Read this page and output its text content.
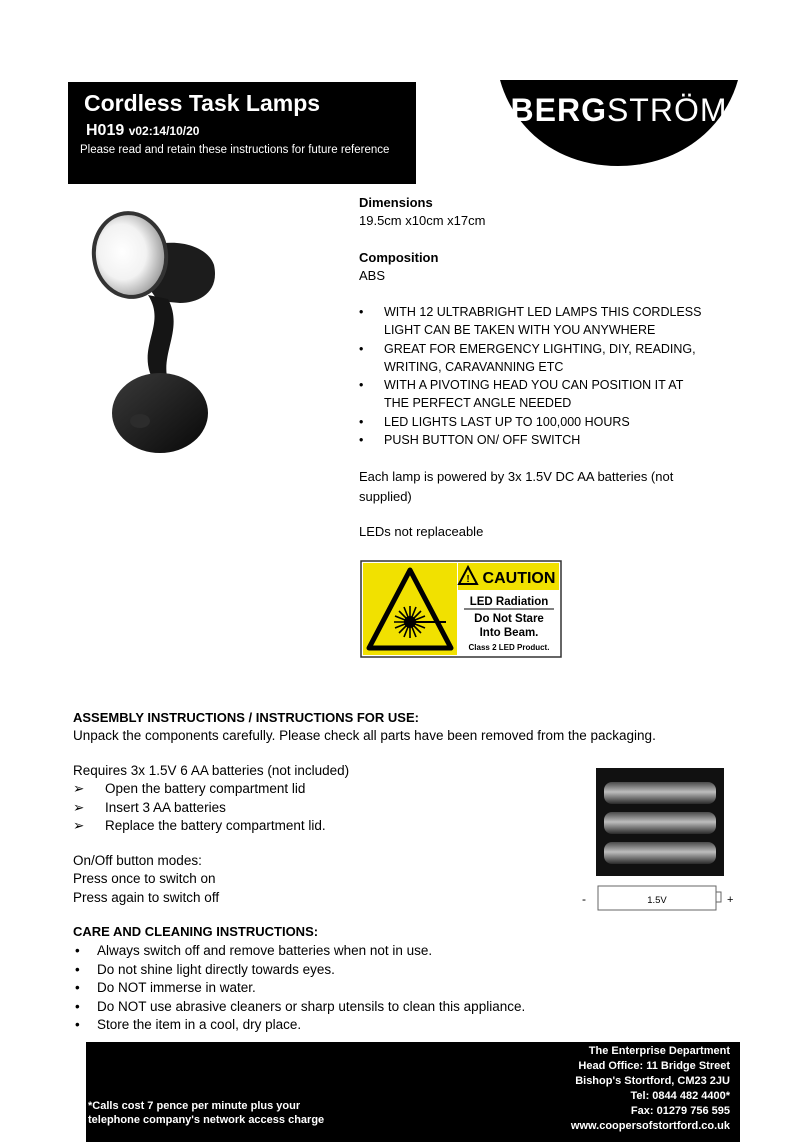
Cordless Task Lamps
H019 v02:14/10/20
Please read and retain these instructions for future reference
BERGSTRÖM
Dimensions
19.5cm x10cm x17cm
Composition
ABS
• WITH 12 ULTRABRIGHT LED LAMPS THIS CORDLESS
LIGHT CAN BE TAKEN WITH YOU ANYWHERE
• GREAT FOR EMERGENCY LIGHTING, DIY, READING,
WRITING, CARAVANNING ETC
• WITH A PIVOTING HEAD YOU CAN POSITION IT AT
THE PERFECT ANGLE NEEDED
• LED LIGHTS LAST UP TO 100,000 HOURS
• PUSH BUTTON ON/ OFF SWITCH
Each lamp is powered by 3x 1.5V DC AA batteries (not
supplied)
LEDs not replaceable
! CAUTION
LED Radiation
Do Not Stare
Into Beam.
Class 2 LED Product.
ASSEMBLY INSTRUCTIONS / INSTRUCTIONS FOR USE:
Unpack the components carefully. Please check all parts have been removed from the packaging.
Requires 3x 1.5V 6 AA batteries (not included)
➢ Open the battery compartment lid
➢ Insert 3 AA batteries
➢ Replace the battery compartment lid.
-	1.5V	+
On/Off button modes:
Press once to switch on
Press again to switch off
CARE AND CLEANING INSTRUCTIONS:
• Always switch off and remove batteries when not in use.
• Do not shine light directly towards eyes.
• Do NOT immerse in water.
• Do NOT use abrasive cleaners or sharp utensils to clean this appliance.
• Store the item in a cool, dry place.
*Calls cost 7 pence per minute plus your
telephone company's network access charge
The Enterprise Department
Head Office: 11 Bridge Street
Bishop's Stortford, CM23 2JU
Tel: 0844 482 4400*
Fax: 01279 756 595
www.coopersofstortford.co.uk
